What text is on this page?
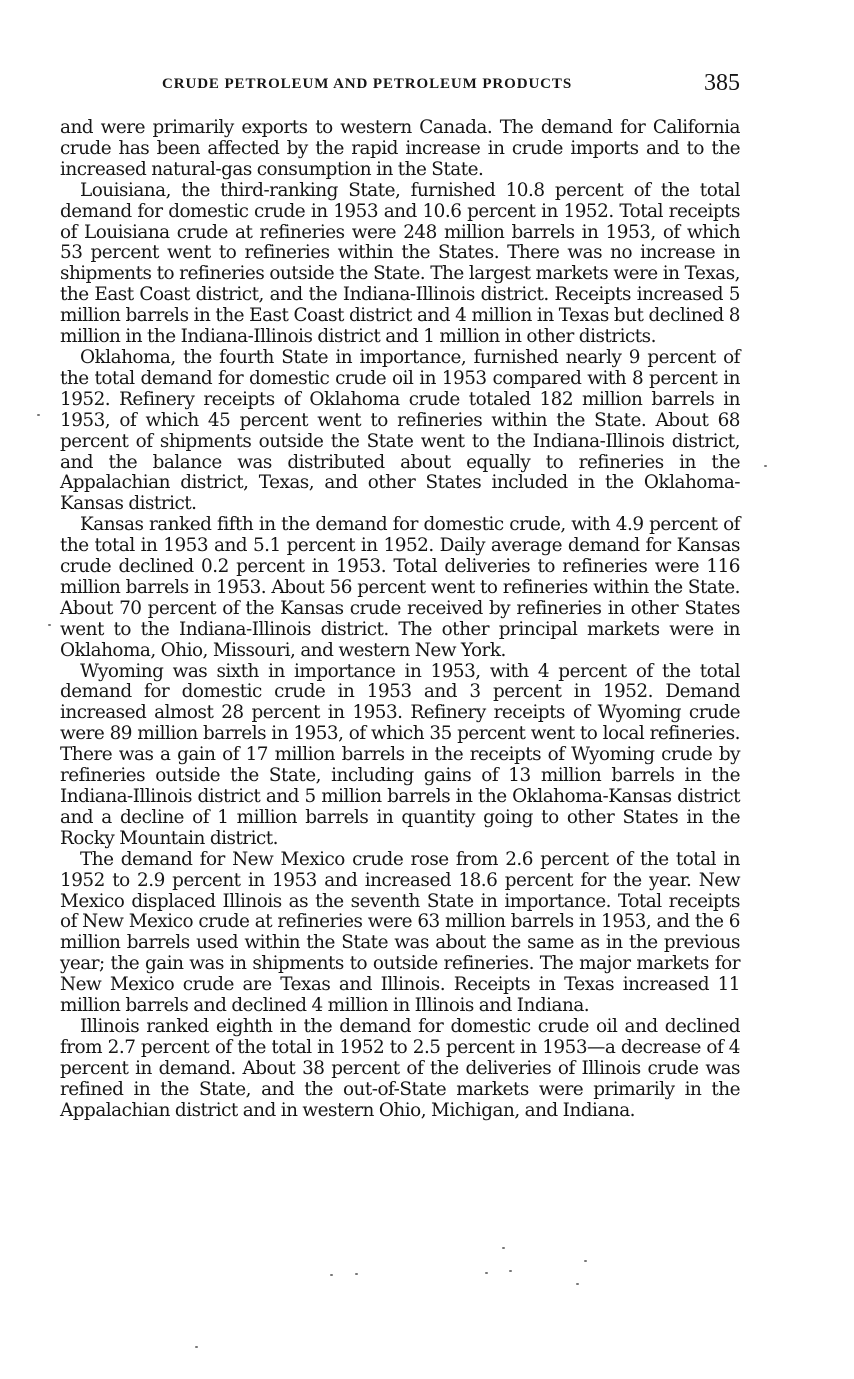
CRUDE PETROLEUM AND PETROLEUM PRODUCTS	385

and were primarily exports to western Canada. The demand for California crude has been affected by the rapid increase in crude imports and to the increased natural-gas consumption in the State.

Louisiana, the third-ranking State, furnished 10.8 percent of the total demand for domestic crude in 1953 and 10.6 percent in 1952. Total receipts of Louisiana crude at refineries were 248 million barrels in 1953, of which 53 percent went to refineries within the States. There was no increase in shipments to refineries outside the State. The largest markets were in Texas, the East Coast district, and the Indiana-Illinois district. Receipts increased 5 million barrels in the East Coast district and 4 million in Texas but declined 8 million in the Indiana-Illinois district and 1 million in other districts.

Oklahoma, the fourth State in importance, furnished nearly 9 percent of the total demand for domestic crude oil in 1953 compared with 8 percent in 1952. Refinery receipts of Oklahoma crude totaled 182 million barrels in 1953, of which 45 percent went to refineries within the State. About 68 percent of shipments outside the State went to the Indiana-Illinois district, and the balance was distributed about equally to refineries in the Appalachian district, Texas, and other States included in the Oklahoma-Kansas district.

Kansas ranked fifth in the demand for domestic crude, with 4.9 percent of the total in 1953 and 5.1 percent in 1952. Daily average demand for Kansas crude declined 0.2 percent in 1953. Total deliveries to refineries were 116 million barrels in 1953. About 56 percent went to refineries within the State. About 70 percent of the Kansas crude received by refineries in other States went to the Indiana-Illinois district. The other principal markets were in Oklahoma, Ohio, Missouri, and western New York.

Wyoming was sixth in importance in 1953, with 4 percent of the total demand for domestic crude in 1953 and 3 percent in 1952. Demand increased almost 28 percent in 1953. Refinery receipts of Wyoming crude were 89 million barrels in 1953, of which 35 percent went to local refineries. There was a gain of 17 million barrels in the receipts of Wyoming crude by refineries outside the State, including gains of 13 million barrels in the Indiana-Illinois district and 5 million barrels in the Oklahoma-Kansas district and a decline of 1 million barrels in quantity going to other States in the Rocky Mountain district.

The demand for New Mexico crude rose from 2.6 percent of the total in 1952 to 2.9 percent in 1953 and increased 18.6 percent for the year. New Mexico displaced Illinois as the seventh State in importance. Total receipts of New Mexico crude at refineries were 63 million barrels in 1953, and the 6 million barrels used within the State was about the same as in the previous year; the gain was in shipments to outside refineries. The major markets for New Mexico crude are Texas and Illinois. Receipts in Texas increased 11 million barrels and declined 4 million in Illinois and Indiana.

Illinois ranked eighth in the demand for domestic crude oil and declined from 2.7 percent of the total in 1952 to 2.5 percent in 1953—a decrease of 4 percent in demand. About 38 percent of the deliveries of Illinois crude was refined in the State, and the out-of-State markets were primarily in the Appalachian district and in western Ohio, Michigan, and Indiana.
